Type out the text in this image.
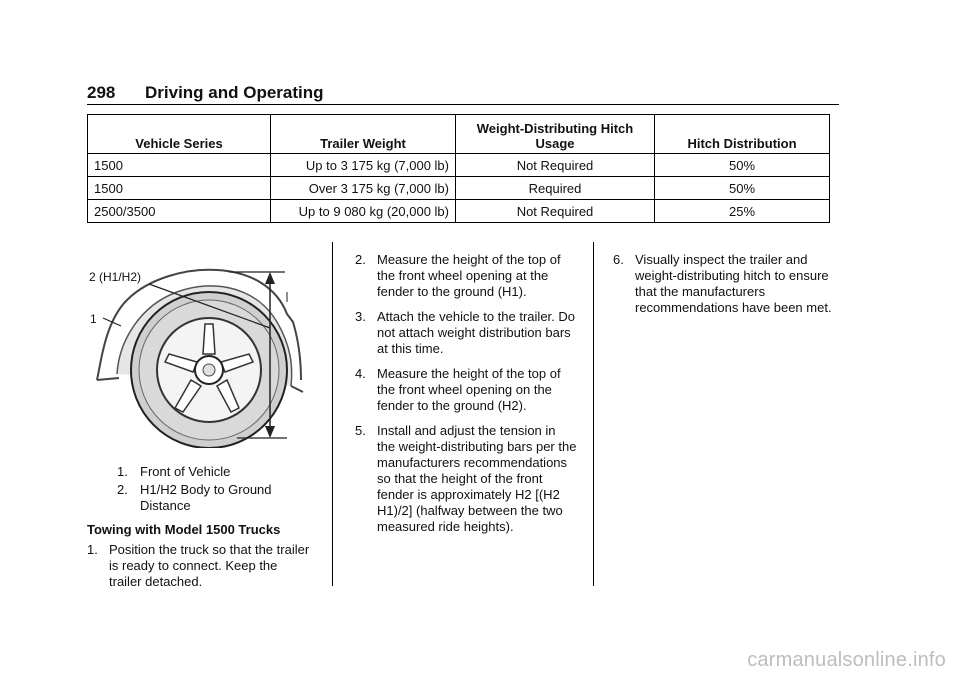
298 Driving and Operating
Vehicle Series	Trailer Weight	Weight-Distributing Hitch Usage	Hitch Distribution
1500	Up to 3 175 kg (7,000 lb)	Not Required	50%
1500	Over 3 175 kg (7,000 lb)	Required	50%
2500/3500	Up to 9 080 kg (20,000 lb)	Not Required	25%
2 (H1/H2)
1
1. Front of Vehicle
2. H1/H2 Body to Ground Distance
Towing with Model 1500 Trucks
1. Position the truck so that the trailer is ready to connect. Keep the trailer detached.
2. Measure the height of the top of the front wheel opening at the fender to the ground (H1).
3. Attach the vehicle to the trailer. Do not attach weight distribution bars at this time.
4. Measure the height of the top of the front wheel opening on the fender to the ground (H2).
5. Install and adjust the tension in the weight-distributing bars per the manufacturers recommendations so that the height of the front fender is approximately H2 [(H2 H1)/2] (halfway between the two measured ride heights).
6. Visually inspect the trailer and weight-distributing hitch to ensure that the manufacturers recommendations have been met.
carmanualsonline.info
